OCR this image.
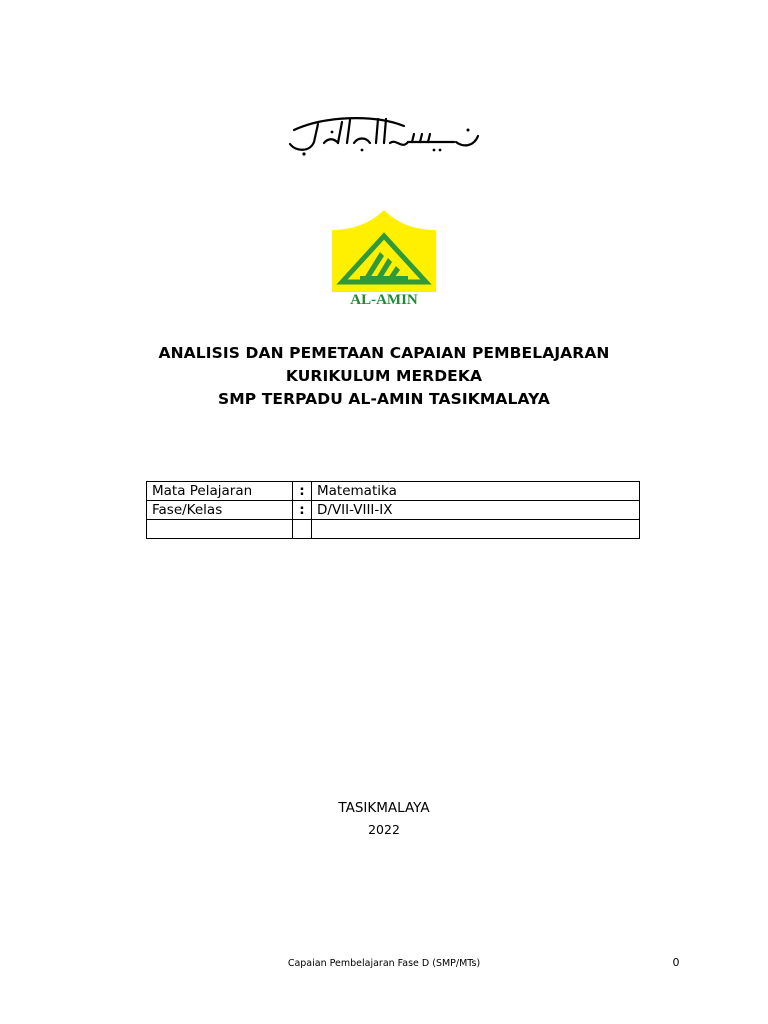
AL-AMIN
ANALISIS DAN PEMETAAN CAPAIAN PEMBELAJARAN
KURIKULUM MERDEKA
SMP TERPADU AL-AMIN TASIKMALAYA
Mata Pelajaran	:	Matematika
Fase/Kelas	:	D/VII-VIII-IX

TASIKMALAYA
2022
Capaian Pembelajaran Fase D (SMP/MTs)	0
